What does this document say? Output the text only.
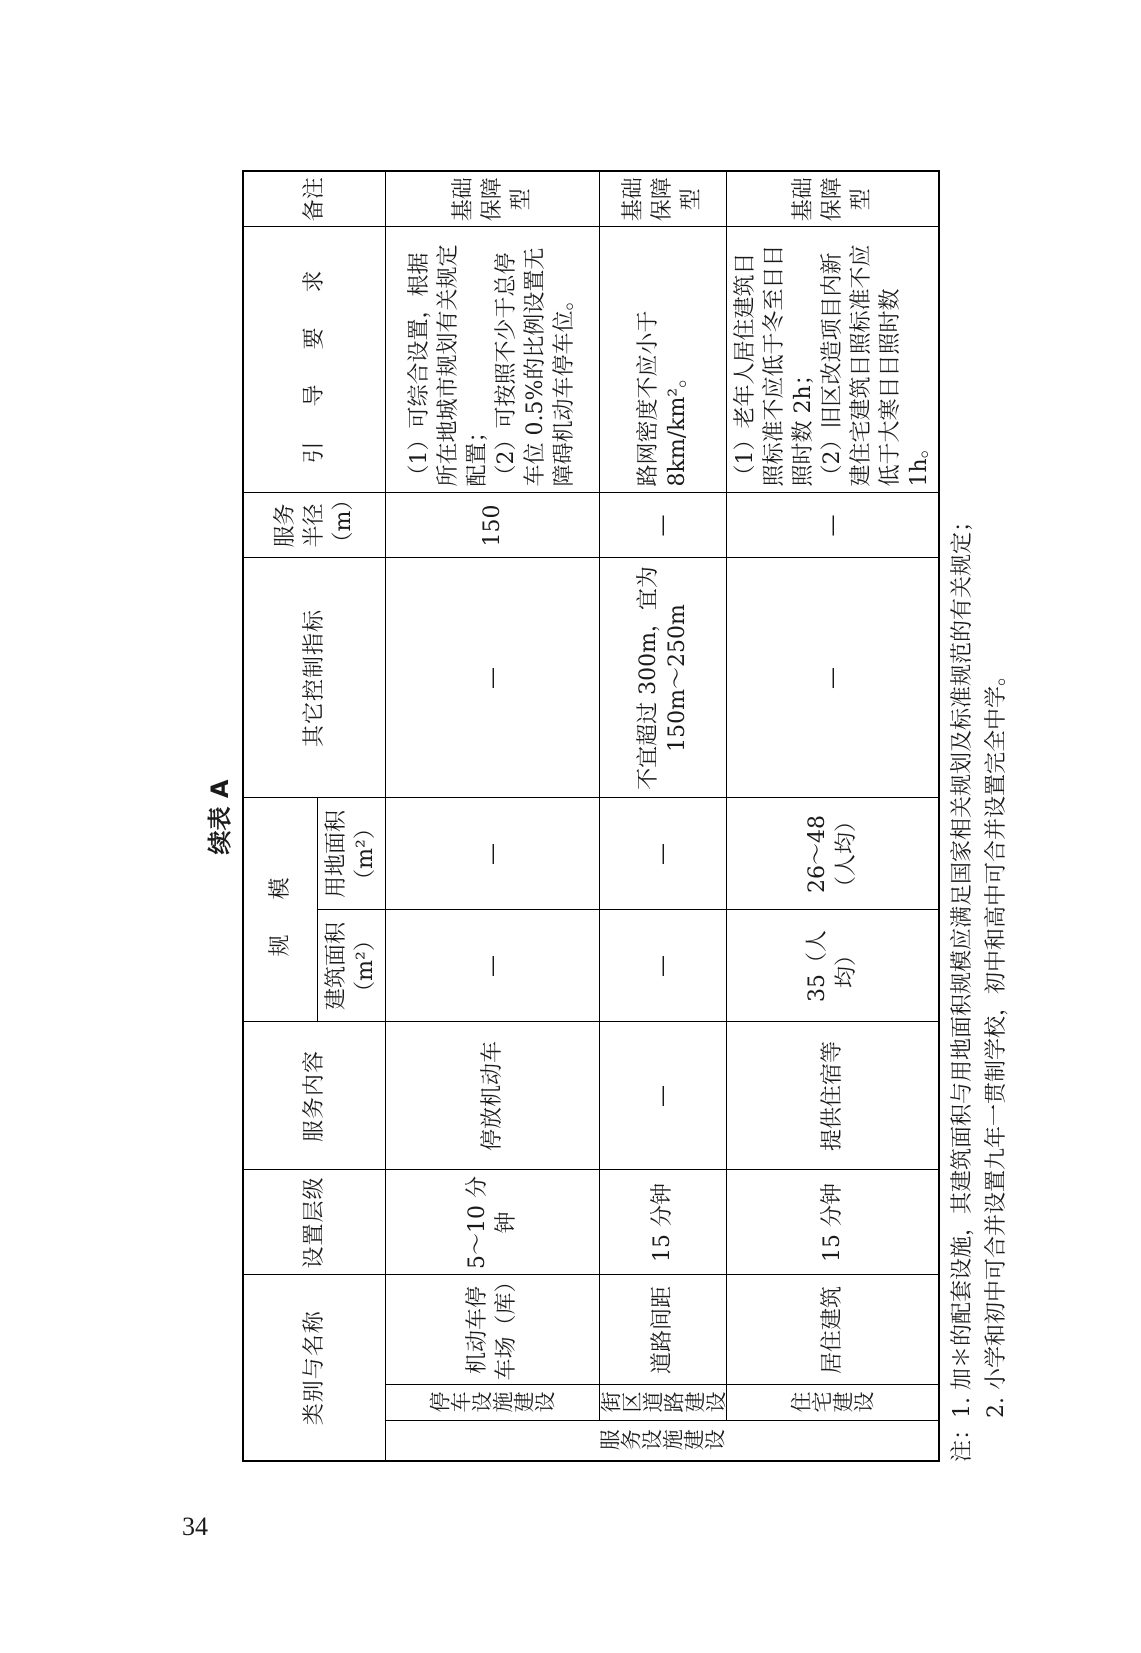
34
续表 A
类别与名称			设置层级	服务内容	规 模		其它控制指标	服务半径 （m）	引 导 要 求	备注
					建筑面积 （m²）	用地面积 （m²）				

服务设施建设	停车设施建设	机动车停车场（库）	5～10 分钟	停放机动车	—	—	—	150	（1）可综合设置，根据所在地城市规划有关规定配置； （2）可按照不少于总停车位 0.5%的比例设置无障碍机动车停车位。	基础保障型

	街区道路建设	道路间距	15 分钟	—	—	—	不宜超过 300m，宜为 150m～250m	—	路网密度不应小于 8km/km²。	基础保障型

	住宅建设	居住建筑	15 分钟	提供住宿等	35（人均）	26～48（人均）	—	—	（1）老年人居住建筑日照标准不应低于冬至日日照时数 2h； （2）旧区改造项目内新建住宅建筑日照标准不应低于大寒日日照时数 1h。	基础保障型
注：1. 加＊的配套设施，其建筑面积与用地面积规模应满足国家相关规划及标准规范的有关规定； 2. 小学和初中可合并设置九年一贯制学校，初中和高中可合并设置完全中学。
